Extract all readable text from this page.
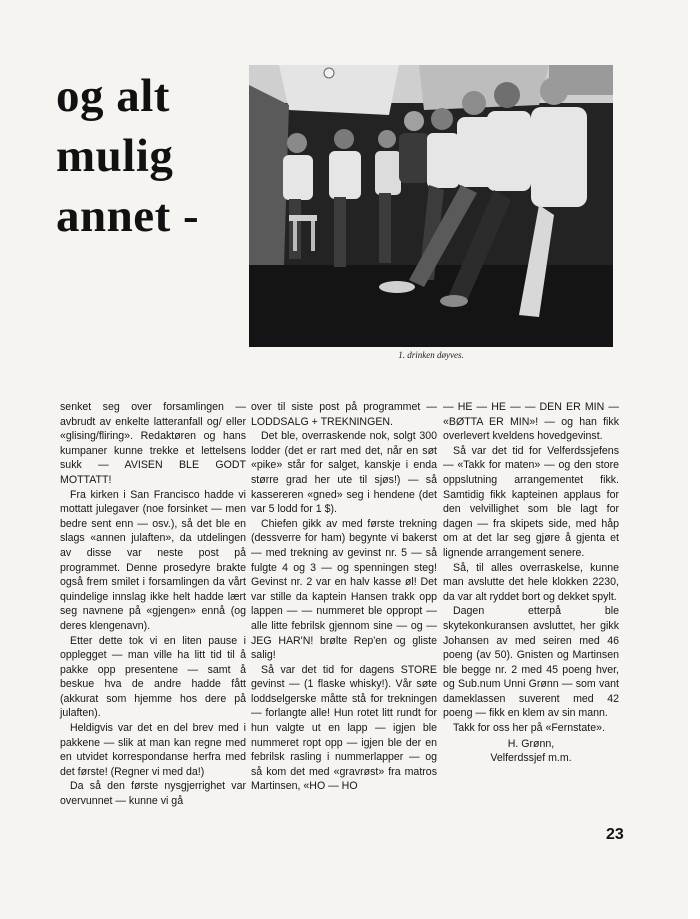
og alt
mulig
annet -
1. drinken døyves.

senket seg over forsamlingen — avbrudt av enkelte latteranfall og/ eller «glising/fliring». Redaktøren og hans kumpaner kunne trekke et lettelsens sukk — AVISEN BLE GODT MOTTATT!

Fra kirken i San Francisco hadde vi mottatt julegaver (noe forsinket — men bedre sent enn — osv.), så det ble en slags «annen julaften», da utdelingen av disse var neste post på programmet. Denne prosedyre brakte også frem smilet i forsamlingen da vårt quindelige innslag ikke helt hadde lært seg navnene på «gjengen» ennå (og deres klengenavn).

Etter dette tok vi en liten pause i opplegget — man ville ha litt tid til å pakke opp presentene — samt å beskue hva de andre hadde fått (akkurat som hjemme hos dere på julaften).

Heldigvis var det en del brev med i pakkene — slik at man kan regne med en utvidet korrespondanse herfra med det første! (Regner vi med da!)

Da så den første nysgjerrighet var overvunnet — kunne vi gå

over til siste post på programmet — LODDSALG + TREKNINGEN.

Det ble, overraskende nok, solgt 300 lodder (det er rart med det, når en søt «pike» står for salget, kanskje i enda større grad her ute til sjøs!) — så kassereren «gned» seg i hendene (det var 5 lodd for 1 $).

Chiefen gikk av med første trekning (dessverre for ham) begynte vi bakerst — med trekning av gevinst nr. 5 — så fulgte 4 og 3 — og spenningen steg! Gevinst nr. 2 var en halv kasse øl! Det var stille da kaptein Hansen trakk opp lappen — — nummeret ble oppropt — alle litte febrilsk gjennom sine — og — JEG HAR'N! brølte Rep'en og gliste salig!

Så var det tid for dagens STORE gevinst — (1 flaske whisky!). Vår søte loddselgerske måtte stå for trekningen — forlangte alle! Hun rotet litt rundt for hun valgte ut en lapp — igjen ble nummeret ropt opp — igjen ble der en febrilsk rasling i nummerlapper — og så kom det med «gravrøst» fra matros Martinsen, «HO — HO

— HE — HE — — DEN ER MIN — «BØTTA ER MIN»! — og han fikk overlevert kveldens hovedgevinst.

Så var det tid for Velferdssjefens — «Takk for maten» — og den store oppslutning arrangementet fikk. Samtidig fikk kapteinen applaus for den velvillighet som ble lagt for dagen — fra skipets side, med håp om at det lar seg gjøre å gjenta et lignende arrangement senere.

Så, til alles overraskelse, kunne man avslutte det hele klokken 2230, da var alt ryddet bort og dekket spylt.

Dagen etterpå ble skytekonkuransen avsluttet, her gikk Johansen av med seiren med 46 poeng (av 50). Gnisten og Martinsen ble begge nr. 2 med 45 poeng hver, og Sub.num Unni Grønn — som vant dameklassen suverent med 42 poeng — fikk en klem av sin mann.

Takk for oss her på «Fernstate».

H. Grønn,
Velferdssjef m.m.
23
